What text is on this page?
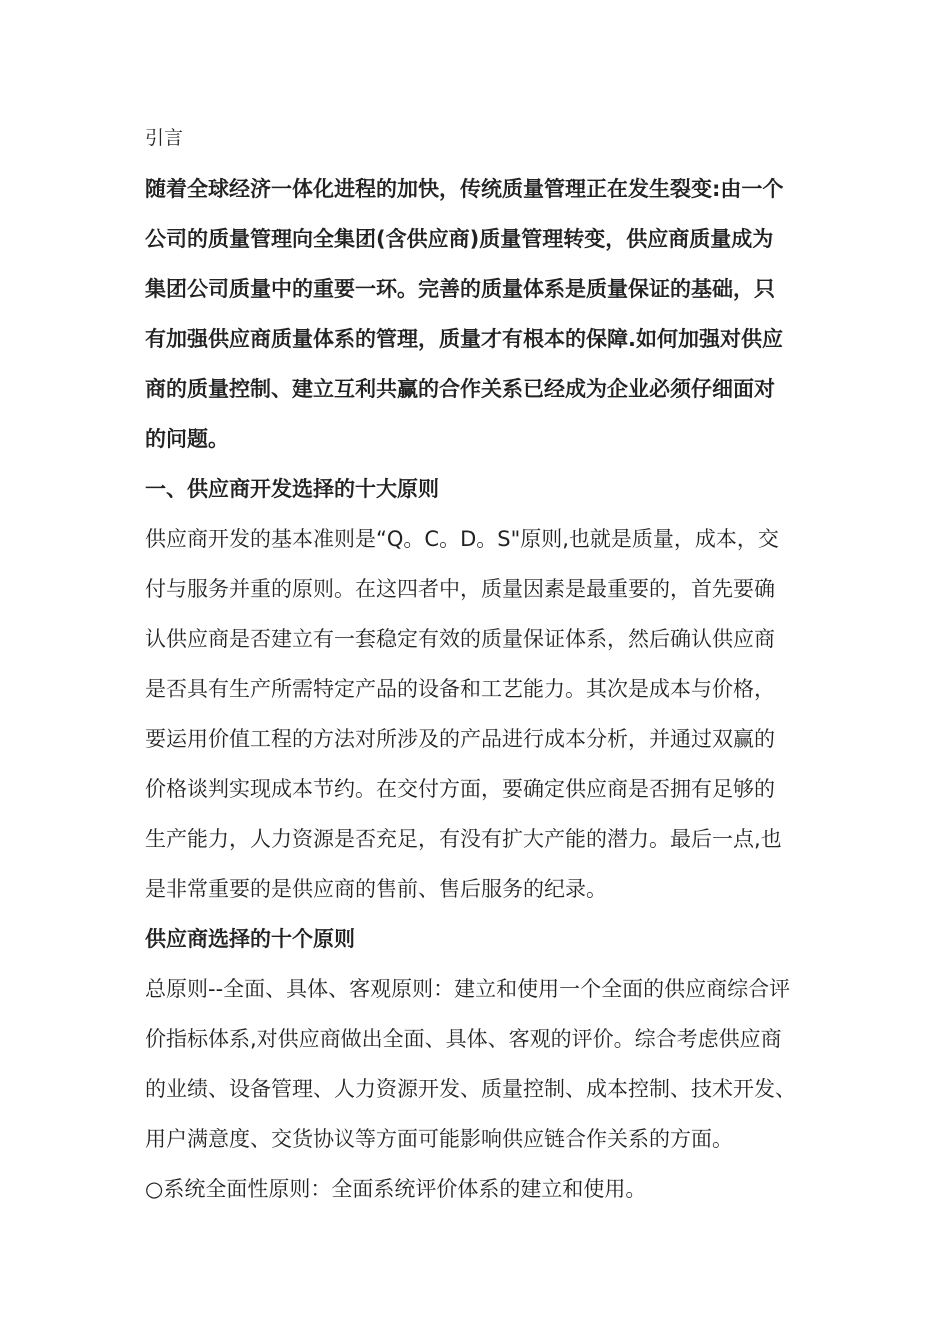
引言
随着全球经济一体化进程的加快，传统质量管理正在发生裂变:由一个
公司的质量管理向全集团(含供应商)质量管理转变，供应商质量成为
集团公司质量中的重要一环。完善的质量体系是质量保证的基础，只
有加强供应商质量体系的管理，质量才有根本的保障.如何加强对供应
商的质量控制、建立互利共赢的合作关系已经成为企业必须仔细面对
的问题。
一、供应商开发选择的十大原则
供应商开发的基本准则是“Q。C。D。S"原则,也就是质量，成本，交
付与服务并重的原则。在这四者中，质量因素是最重要的，首先要确
认供应商是否建立有一套稳定有效的质量保证体系，然后确认供应商
是否具有生产所需特定产品的设备和工艺能力。其次是成本与价格，
要运用价值工程的方法对所涉及的产品进行成本分析，并通过双赢的
价格谈判实现成本节约。在交付方面，要确定供应商是否拥有足够的
生产能力，人力资源是否充足，有没有扩大产能的潜力。最后一点,也
是非常重要的是供应商的售前、售后服务的纪录。
供应商选择的十个原则
总原则--全面、具体、客观原则：建立和使用一个全面的供应商综合评
价指标体系,对供应商做出全面、具体、客观的评价。综合考虑供应商
的业绩、设备管理、人力资源开发、质量控制、成本控制、技术开发、
用户满意度、交货协议等方面可能影响供应链合作关系的方面。
○系统全面性原则：全面系统评价体系的建立和使用。
